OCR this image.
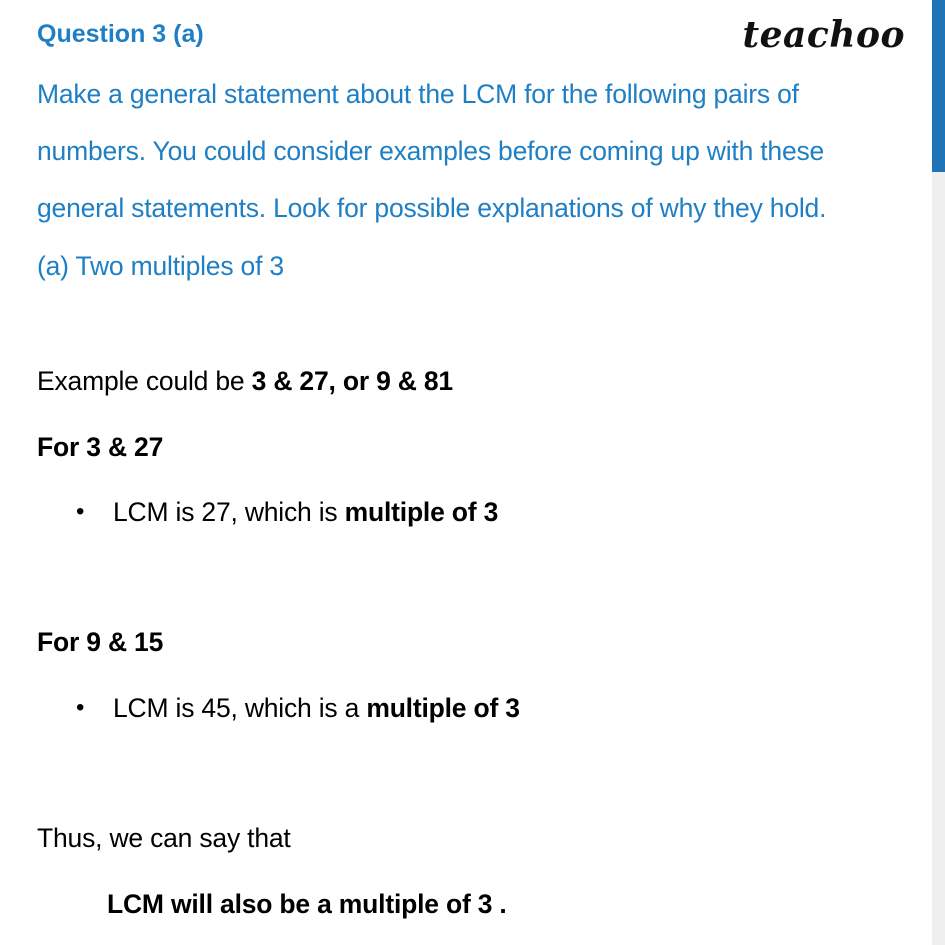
Question 3 (a)	teachoo
Make a general statement about the LCM for the following pairs of
numbers. You could consider examples before coming up with these
general statements. Look for possible explanations of why they hold.
(a) Two multiples of 3
Example could be 3 & 27, or 9 & 81
For 3 & 27
• LCM is 27, which is multiple of 3
For 9 & 15
• LCM is 45, which is a multiple of 3
Thus, we can say that
LCM will also be a multiple of 3 .
